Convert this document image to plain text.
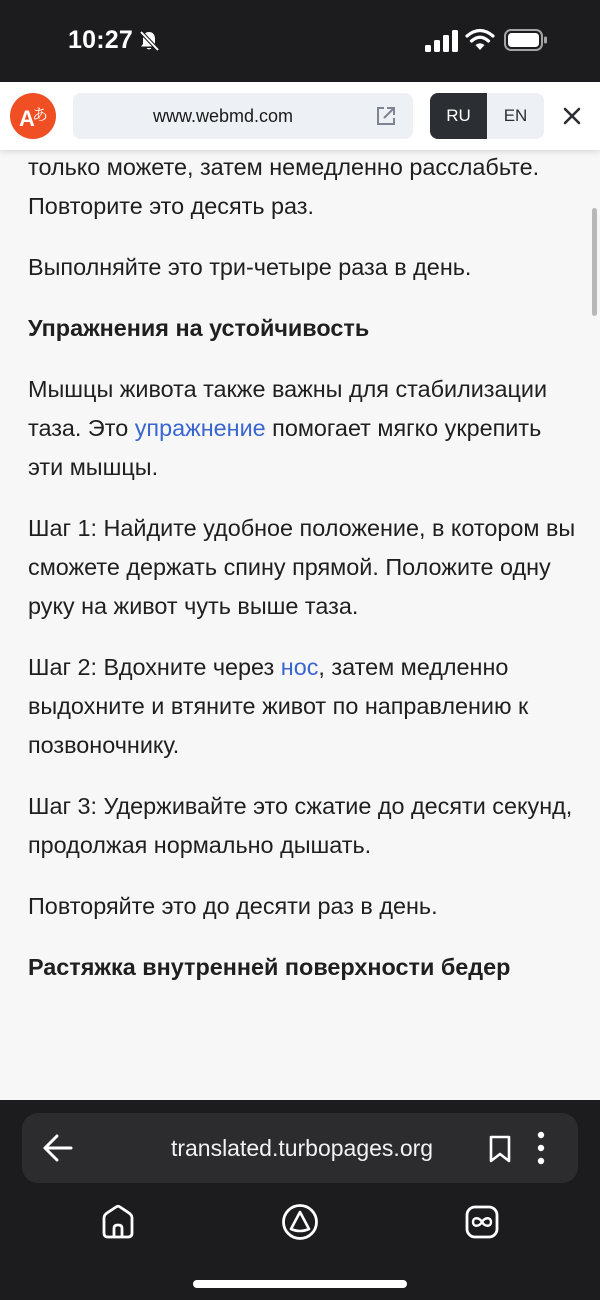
10:27
A
あ	www.webmd.com	RU	EN

только можете, затем немедленно расслабьте. Повторите это десять раз.

Выполняйте это три-четыре раза в день.

Упражнения на устойчивость

Мышцы живота также важны для стабилизации таза. Это упражнение помогает мягко укрепить эти мышцы.

Шаг 1: Найдите удобное положение, в котором вы сможете держать спину прямой. Положите одну руку на живот чуть выше таза.

Шаг 2: Вдохните через нос, затем медленно выдохните и втяните живот по направлению к позвоночнику.

Шаг 3: Удерживайте это сжатие до десяти секунд, продолжая нормально дышать.

Повторяйте это до десяти раз в день.

Растяжка внутренней поверхности бедер
translated.turbopages.org
